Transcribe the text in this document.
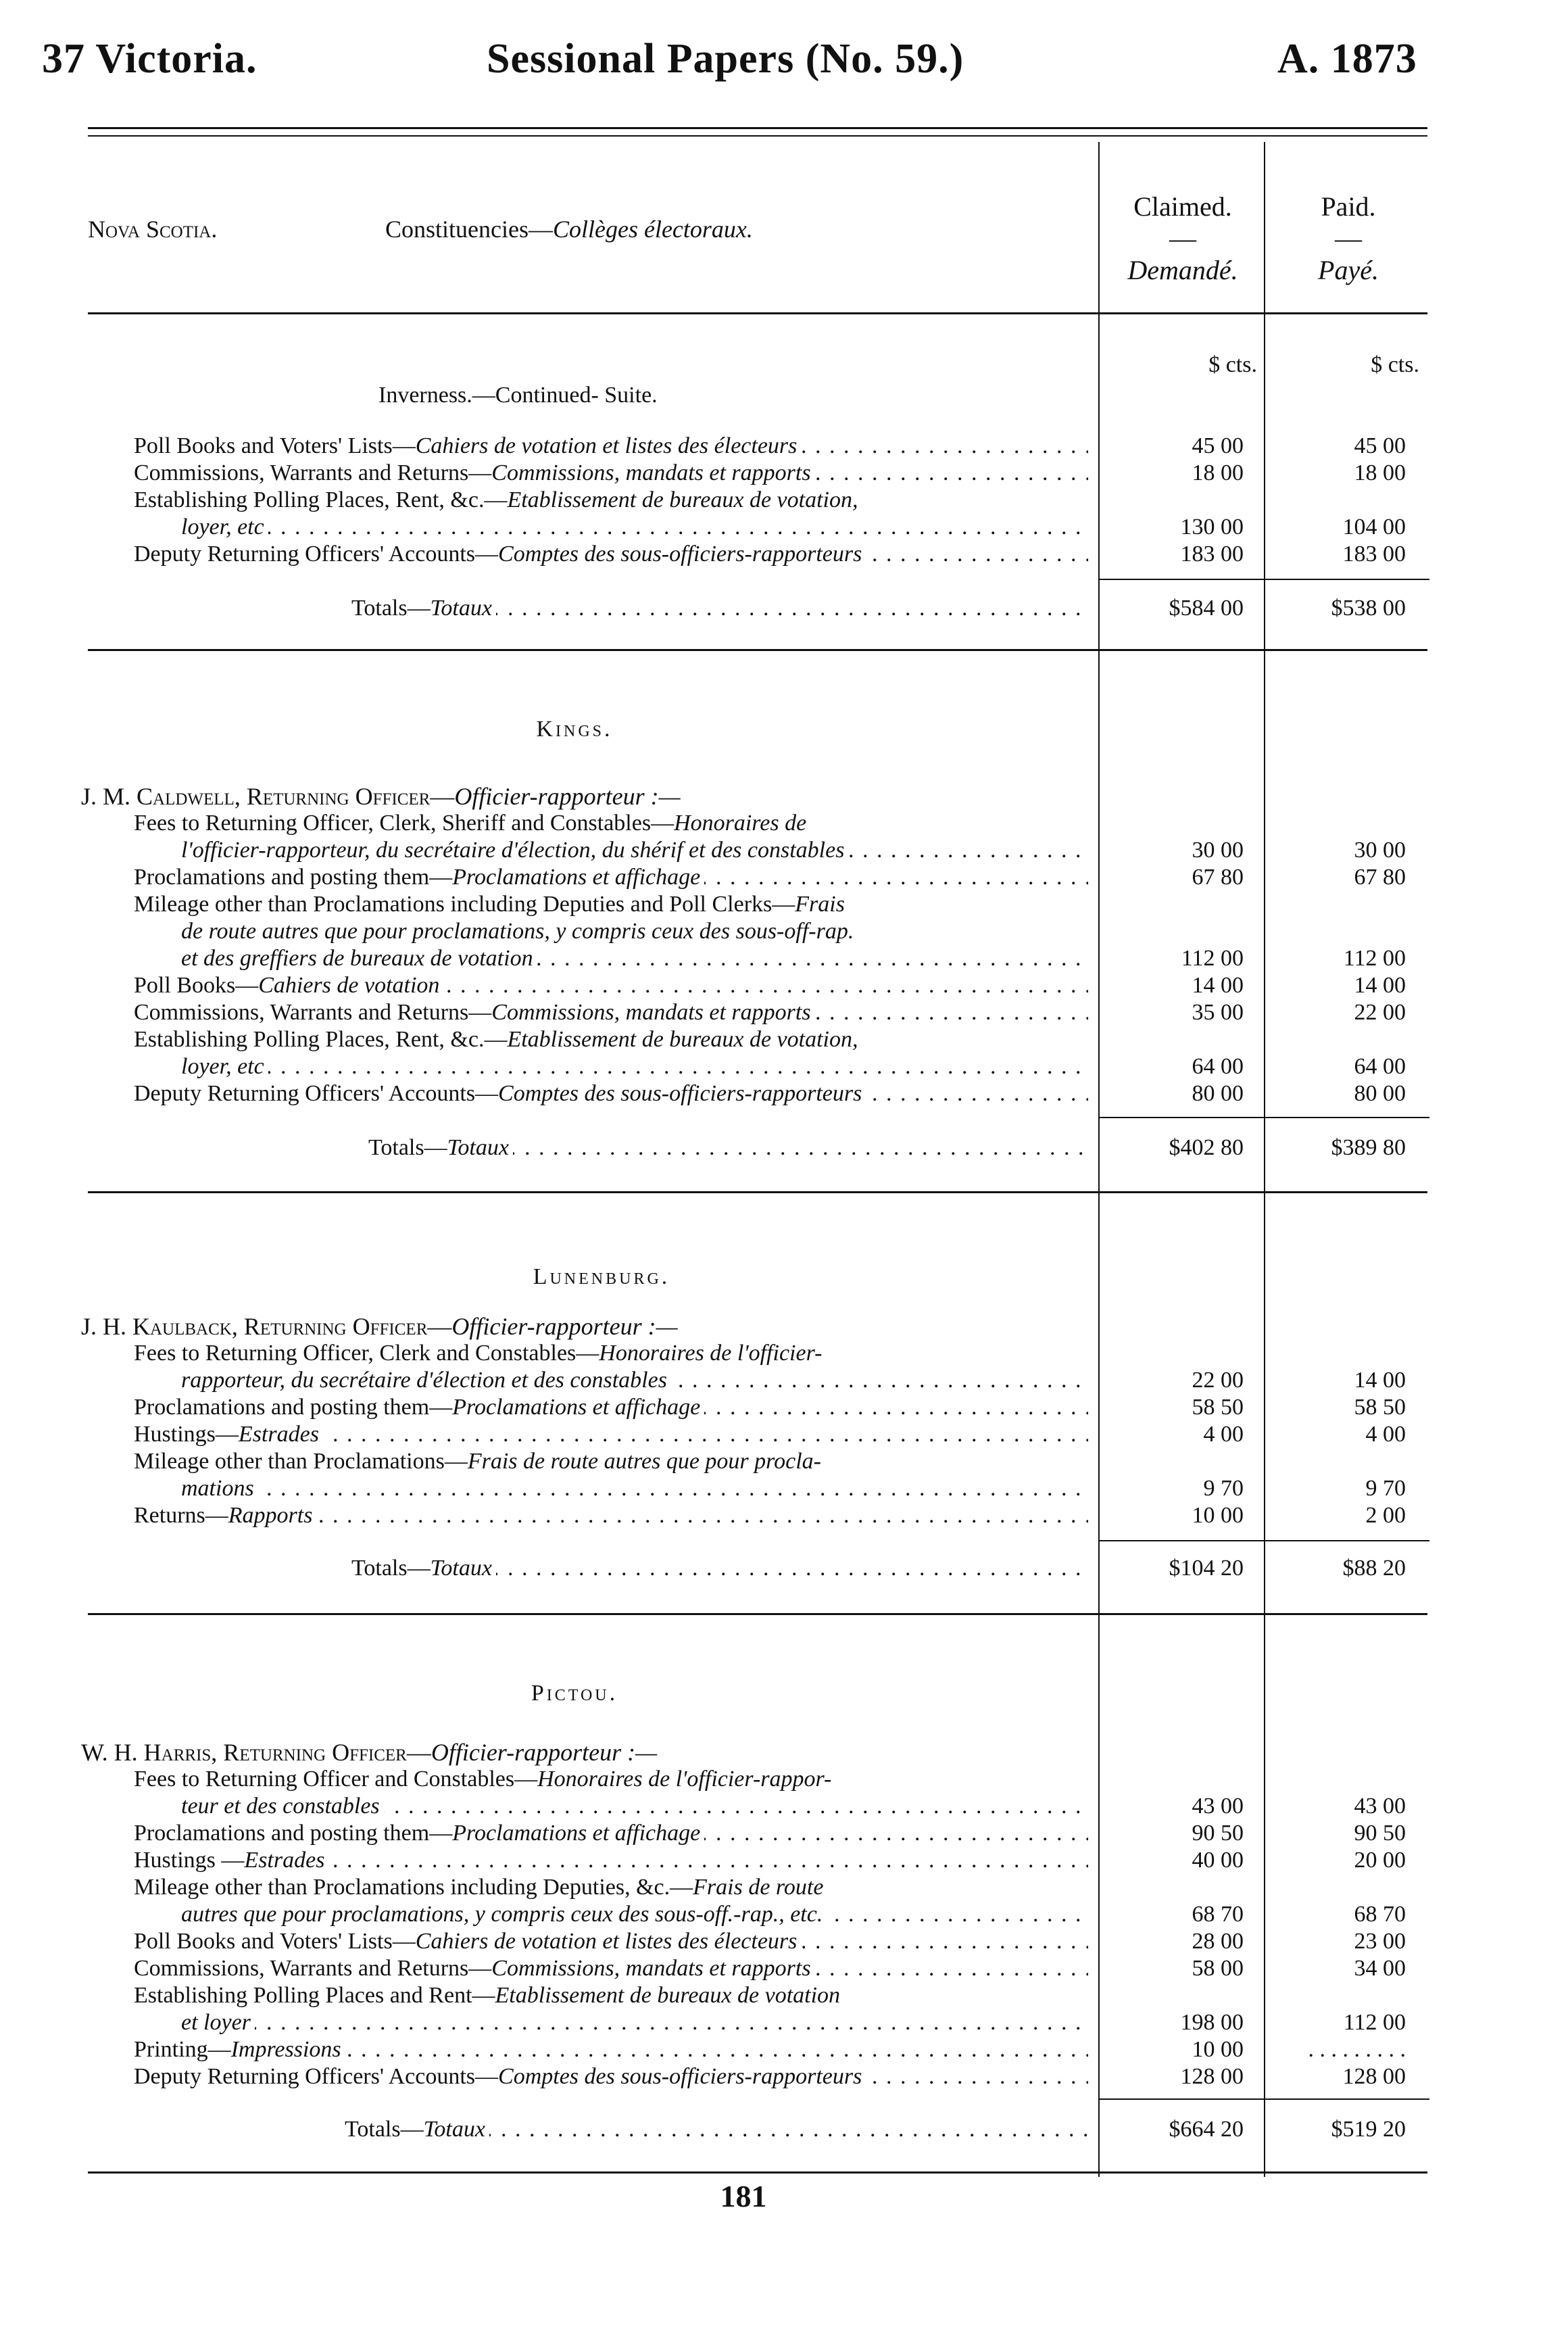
37 Victoria.	Sessional Papers (No. 59.)	A. 1873
Nova Scotia.	Constituencies—Collèges électoraux.
Claimed.
—
Demandé.
Paid.
—
Payé.
Inverness.—Continued- Suite.
$ cts.	$ cts.
Poll Books and Voters' Lists—Cahiers de votation et listes des électeurs . . .	45 00	45 00
Commissions, Warrants and Returns—Commissions, mandats et rapports . . .	18 00	18 00
Establishing Polling Places, Rent, &c.—Etablissement de bureaux de votation,
loyer, etc . . .	130 00	104 00
Deputy Returning Officers' Accounts—Comptes des sous-officiers-rapporteurs . . .	183 00	183 00
Totals—Totaux . . .	$584 00	$538 00
Kings.
J. M. Caldwell, Returning Officer—Officier-rapporteur :—
Fees to Returning Officer, Clerk, Sheriff and Constables—Honoraires de
l'officier-rapporteur, du secrétaire d'élection, du shérif et des constables . . .	30 00	30 00
Proclamations and posting them—Proclamations et affichage . . .	67 80	67 80
Mileage other than Proclamations including Deputies and Poll Clerks—Frais
de route autres que pour proclamations, y compris ceux des sous-off-rap.
et des greffiers de bureaux de votation . . .	112 00	112 00
Poll Books—Cahiers de votation . . .	14 00	14 00
Commissions, Warrants and Returns—Commissions, mandats et rapports . . .	35 00	22 00
Establishing Polling Places, Rent, &c.—Etablissement de bureaux de votation,
loyer, etc . . .	64 00	64 00
Deputy Returning Officers' Accounts—Comptes des sous-officiers-rapporteurs . . .	80 00	80 00
Totals—Totaux . . .	$402 80	$389 80
Lunenburg.
J. H. Kaulback, Returning Officer—Officier-rapporteur :—
Fees to Returning Officer, Clerk and Constables—Honoraires de l'officier-
rapporteur, du secrétaire d'élection et des constables . . .	22 00	14 00
Proclamations and posting them—Proclamations et affichage . . .	58 50	58 50
Hustings—Estrades . . .	4 00	4 00
Mileage other than Proclamations—Frais de route autres que pour procla-
mations . . .	9 70	9 70
Returns—Rapports . . .	10 00	2 00
Totals—Totaux . . .	$104 20	$88 20
Pictou.
W. H. Harris, Returning Officer—Officier-rapporteur :—
Fees to Returning Officer and Constables—Honoraires de l'officier-rappor-
teur et des constables . . .	43 00	43 00
Proclamations and posting them—Proclamations et affichage . . .	90 50	90 50
Hustings —Estrades . . .	40 00	20 00
Mileage other than Proclamations including Deputies, &c.—Frais de route
autres que pour proclamations, y compris ceux des sous-off.-rap., etc. . . .	68 70	68 70
Poll Books and Voters' Lists—Cahiers de votation et listes des électeurs . . .	28 00	23 00
Commissions, Warrants and Returns—Commissions, mandats et rapports . . .	58 00	34 00
Establishing Polling Places and Rent—Etablissement de bureaux de votation
et loyer . . .	198 00	112 00
Printing—Impressions . . .	10 00	. . . . . . . . .
Deputy Returning Officers' Accounts—Comptes des sous-officiers-rapporteurs . . .	128 00	128 00
Totals—Totaux . . .	$664 20	$519 20
181
